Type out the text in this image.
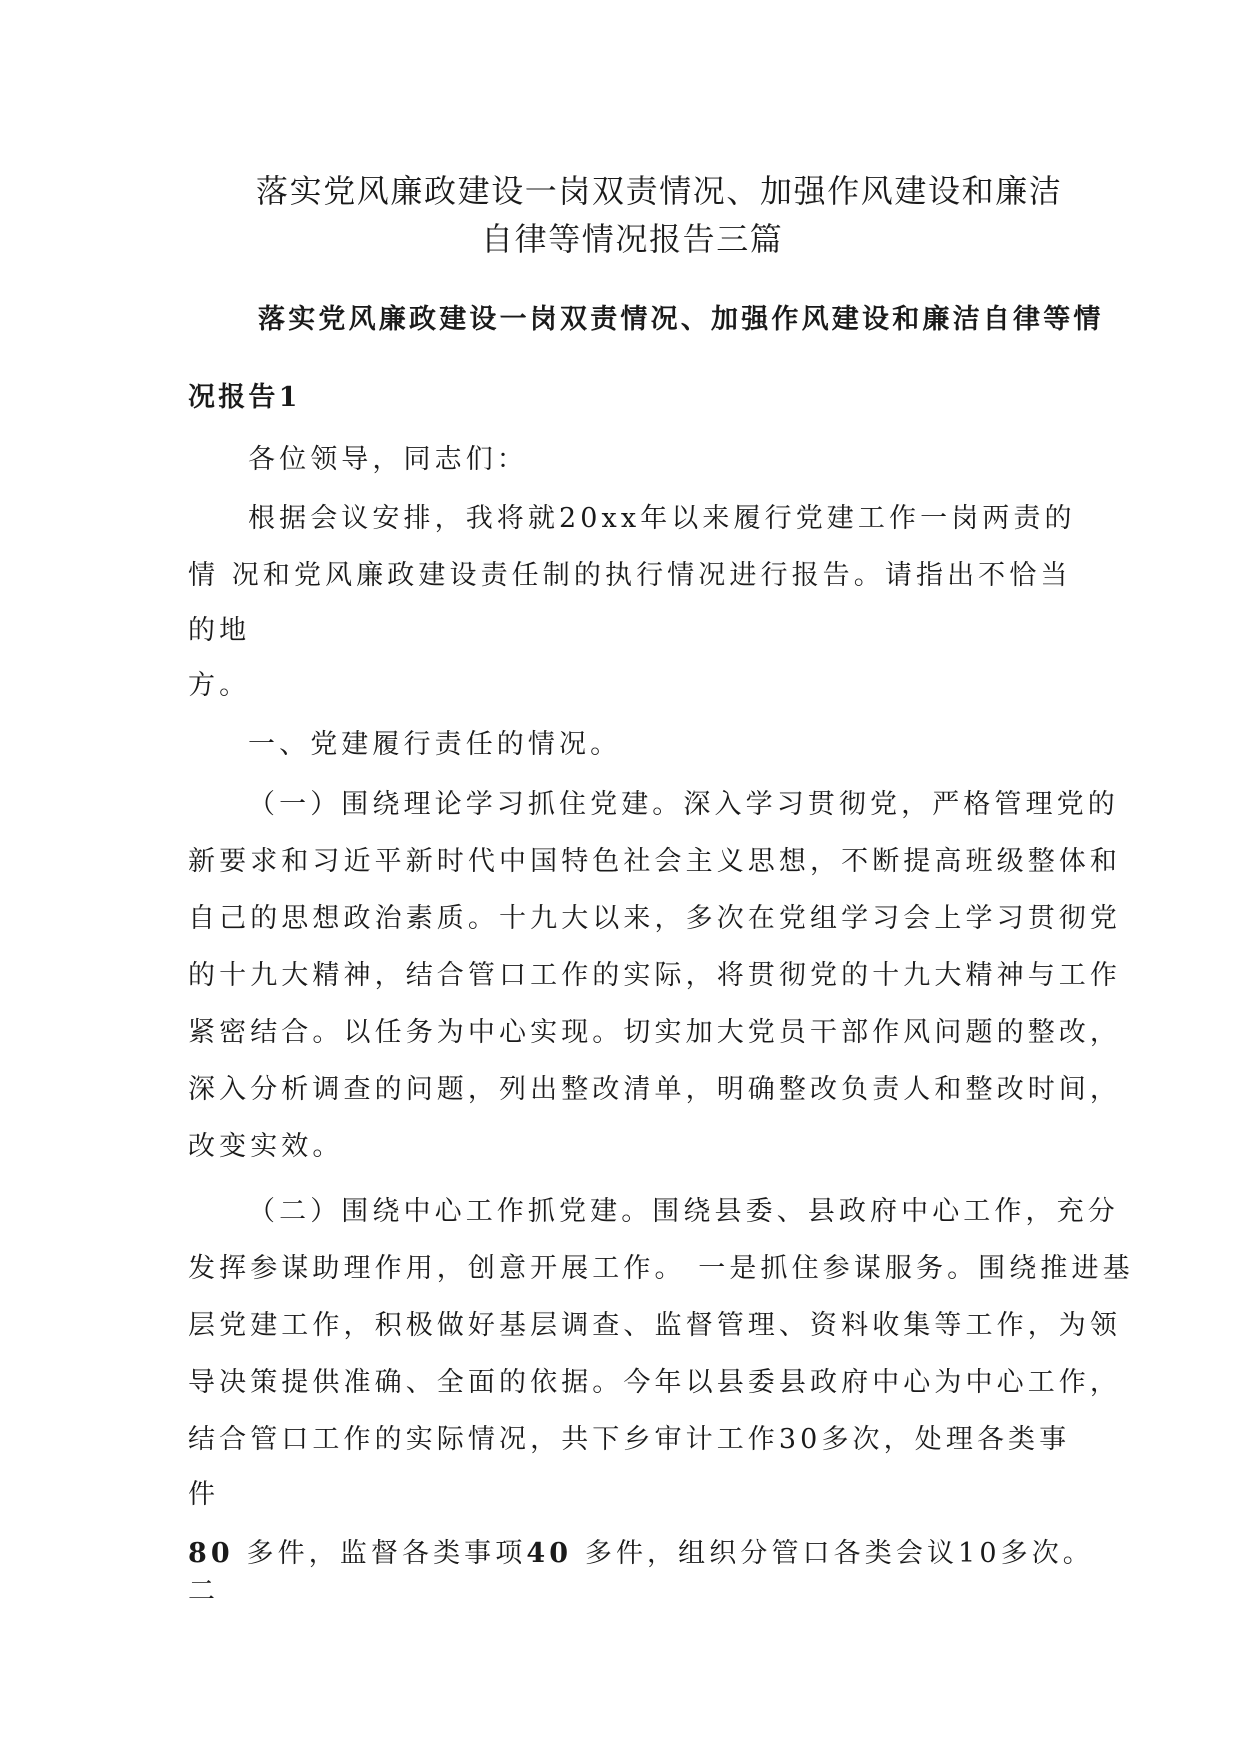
落实党风廉政建设一岗双责情况、加强作风建设和廉洁
自律等情况报告三篇

落实党风廉政建设一岗双责情况、加强作风建设和廉洁自律等情

况报告1

各位领导，同志们：

根据会议安排，我将就20xx年以来履行党建工作一岗两责的

情 况和党风廉政建设责任制的执行情况进行报告。请指出不恰当

的地

方。

一、党建履行责任的情况。

（一）围绕理论学习抓住党建。深入学习贯彻党，严格管理党的

新要求和习近平新时代中国特色社会主义思想，不断提高班级整体和

自己的思想政治素质。十九大以来，多次在党组学习会上学习贯彻党

的十九大精神，结合管口工作的实际，将贯彻党的十九大精神与工作

紧密结合。以任务为中心实现。切实加大党员干部作风问题的整改，

深入分析调查的问题，列出整改清单，明确整改负责人和整改时间，

改变实效。

（二）围绕中心工作抓党建。围绕县委、县政府中心工作，充分

发挥参谋助理作用，创意开展工作。 一是抓住参谋服务。围绕推进基

层党建工作，积极做好基层调查、监督管理、资料收集等工作，为领

导决策提供准确、全面的依据。今年以县委县政府中心为中心工作，

结合管口工作的实际情况，共下乡审计工作30多次，处理各类事

件

80 多件，监督各类事项40 多件，组织分管口各类会议10多次。

二
